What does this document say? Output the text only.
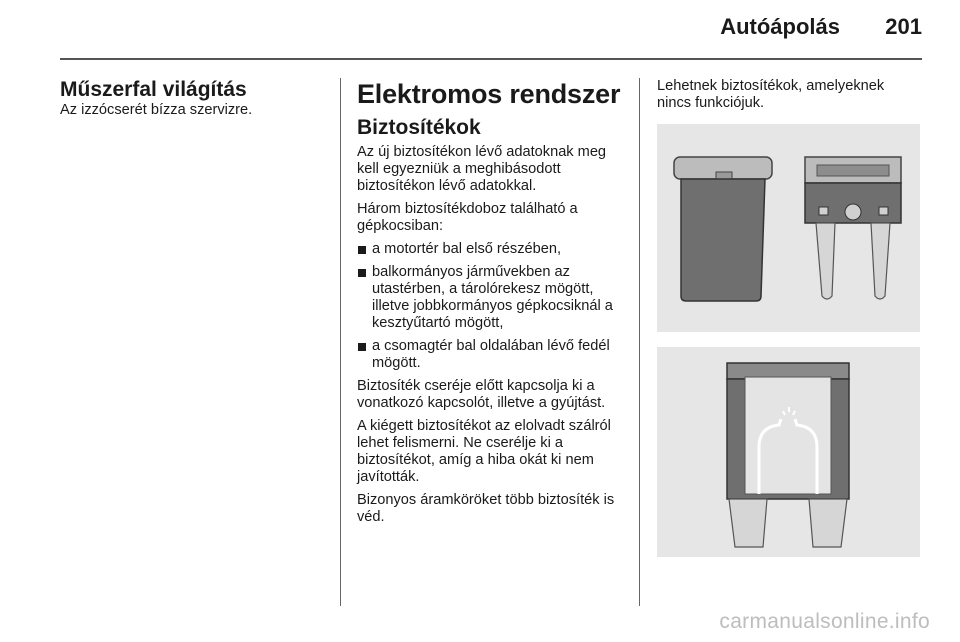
Autóápolás	201
Műszerfal világítás

Az izzócserét bízza szervizre.

Elektromos rendszer
Biztosítékok

Az új biztosítékon lévő adatoknak meg kell egyezniük a meghibásodott biztosítékon lévő adatokkal.

Három biztosítékdoboz található a gépkocsiban:

a motortér bal első részében,
balkormányos járművekben az utastérben, a tárolórekesz mögött, illetve jobbkormányos gépkocsiknál a kesztyűtartó mögött,
a csomagtér bal oldalában lévő fedél mögött.

Biztosíték cseréje előtt kapcsolja ki a vonatkozó kapcsolót, illetve a gyújtást.

A kiégett biztosítékot az elolvadt szálról lehet felismerni. Ne cserélje ki a biztosítékot, amíg a hiba okát ki nem javították.

Bizonyos áramköröket több biztosíték is véd.

Lehetnek biztosítékok, amelyeknek nincs funkciójuk.

carmanualsonline.info
